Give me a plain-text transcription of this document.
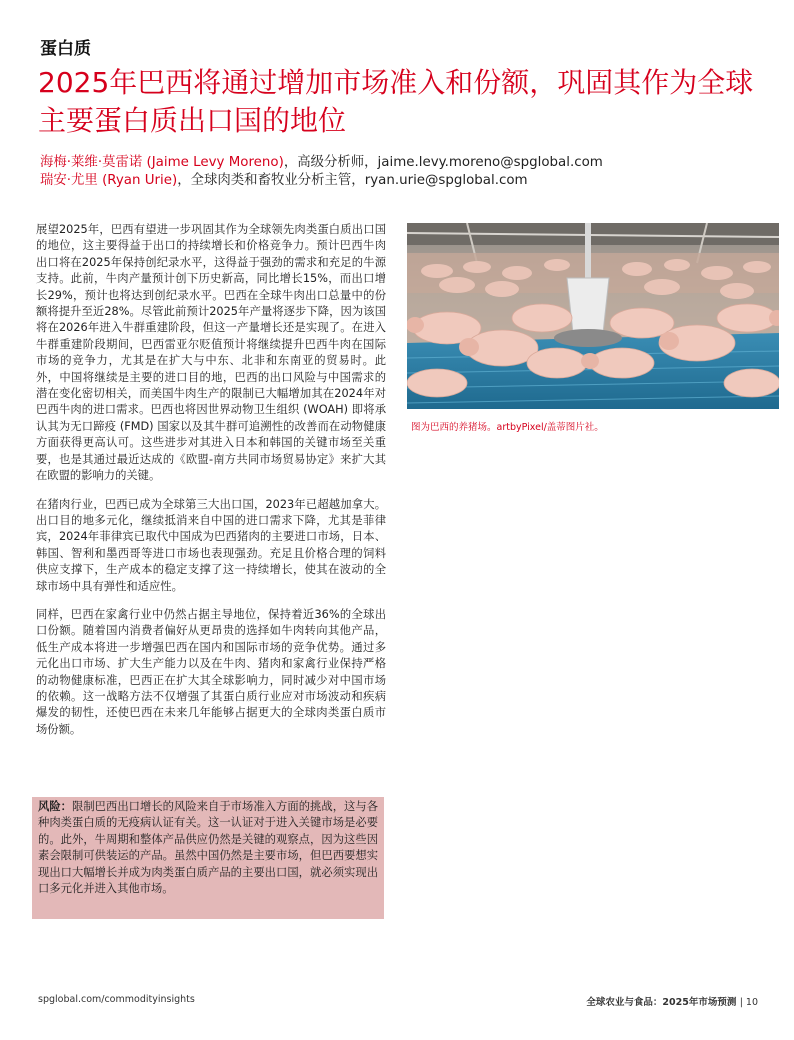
蛋白质
2025年巴西将通过增加市场准入和份额，巩固其作为全球主要蛋白质出口国的地位
海梅·莱维·莫雷诺 (Jaime Levy Moreno)，高级分析师，jaime.levy.moreno@spglobal.com
瑞安·尤里 (Ryan Urie)，全球肉类和畜牧业分析主管，ryan.urie@spglobal.com

展望2025年，巴西有望进一步巩固其作为全球领先肉类蛋白质出口国的地位，这主要得益于出口的持续增长和价格竞争力。预计巴西牛肉出口将在2025年保持创纪录水平，这得益于强劲的需求和充足的牛源支持。此前，牛肉产量预计创下历史新高，同比增长15%，而出口增长29%，预计也将达到创纪录水平。巴西在全球牛肉出口总量中的份额将提升至近28%。尽管此前预计2025年产量将逐步下降，因为该国将在2026年进入牛群重建阶段，但这一产量增长还是实现了。在进入牛群重建阶段期间，巴西雷亚尔贬值预计将继续提升巴西牛肉在国际市场的竞争力，尤其是在扩大与中东、北非和东南亚的贸易时。此外，中国将继续是主要的进口目的地，巴西的出口风险与中国需求的潜在变化密切相关，而美国牛肉生产的限制已大幅增加其在2024年对巴西牛肉的进口需求。巴西也将因世界动物卫生组织 (WOAH) 即将承认其为无口蹄疫 (FMD) 国家以及其牛群可追溯性的改善而在动物健康方面获得更高认可。这些进步对其进入日本和韩国的关键市场至关重要，也是其通过最近达成的《欧盟-南方共同市场贸易协定》来扩大其在欧盟的影响力的关键。

在猪肉行业，巴西已成为全球第三大出口国，2023年已超越加拿大。出口目的地多元化，继续抵消来自中国的进口需求下降，尤其是菲律宾，2024年菲律宾已取代中国成为巴西猪肉的主要进口市场，日本、韩国、智利和墨西哥等进口市场也表现强劲。充足且价格合理的饲料供应支撑下，生产成本的稳定支撑了这一持续增长，使其在波动的全球市场中具有弹性和适应性。

同样，巴西在家禽行业中仍然占据主导地位，保持着近36%的全球出口份额。随着国内消费者偏好从更昂贵的选择如牛肉转向其他产品，低生产成本将进一步增强巴西在国内和国际市场的竞争优势。通过多元化出口市场、扩大生产能力以及在牛肉、猪肉和家禽行业保持严格的动物健康标准，巴西正在扩大其全球影响力，同时减少对中国市场的依赖。这一战略方法不仅增强了其蛋白质行业应对市场波动和疾病爆发的韧性，还使巴西在未来几年能够占据更大的全球肉类蛋白质市场份额。

风险：限制巴西出口增长的风险来自于市场准入方面的挑战，这与各种肉类蛋白质的无疫病认证有关。这一认证对于进入关键市场是必要的。此外，牛周期和整体产品供应仍然是关键的观察点，因为这些因素会限制可供装运的产品。虽然中国仍然是主要市场，但巴西要想实现出口大幅增长并成为肉类蛋白质产品的主要出口国，就必须实现出口多元化并进入其他市场。
图为巴西的养猪场。artbyPixel/盖蒂图片社。
spglobal.com/commodityinsights	全球农业与食品：2025年市场预测 | 10
